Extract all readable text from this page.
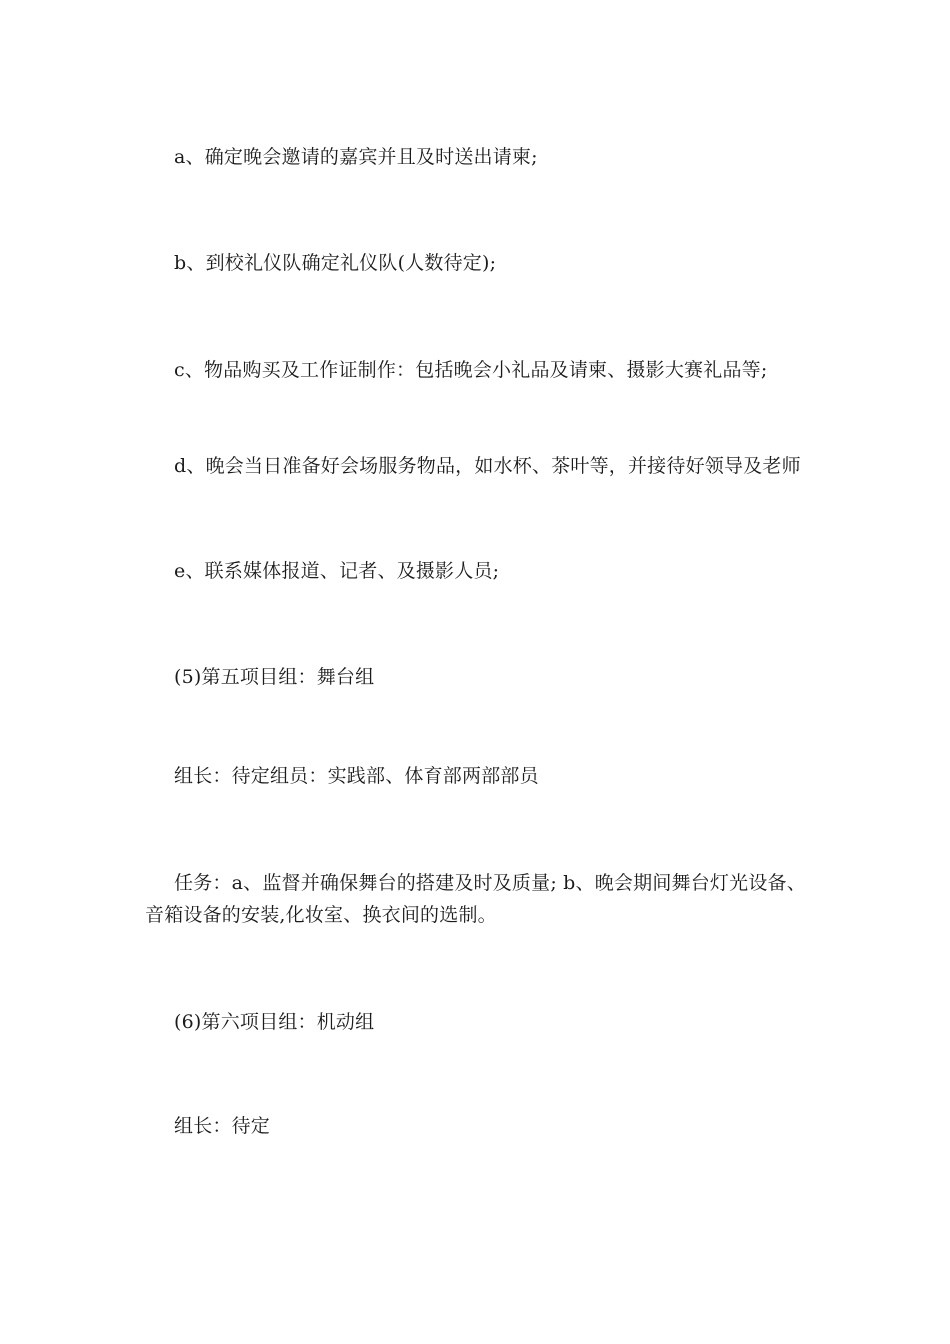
a、确定晚会邀请的嘉宾并且及时送出请柬;

b、到校礼仪队确定礼仪队(人数待定);

c、物品购买及工作证制作：包括晚会小礼品及请柬、摄影大赛礼品等;

d、晚会当日准备好会场服务物品，如水杯、茶叶等，并接待好领导及老师

e、联系媒体报道、记者、及摄影人员;

(5)第五项目组：舞台组

组长：待定组员：实践部、体育部两部部员

任务：a、监督并确保舞台的搭建及时及质量; b、晚会期间舞台灯光设备、音箱设备的安装,化妆室、换衣间的选制。

(6)第六项目组：机动组

组长：待定
